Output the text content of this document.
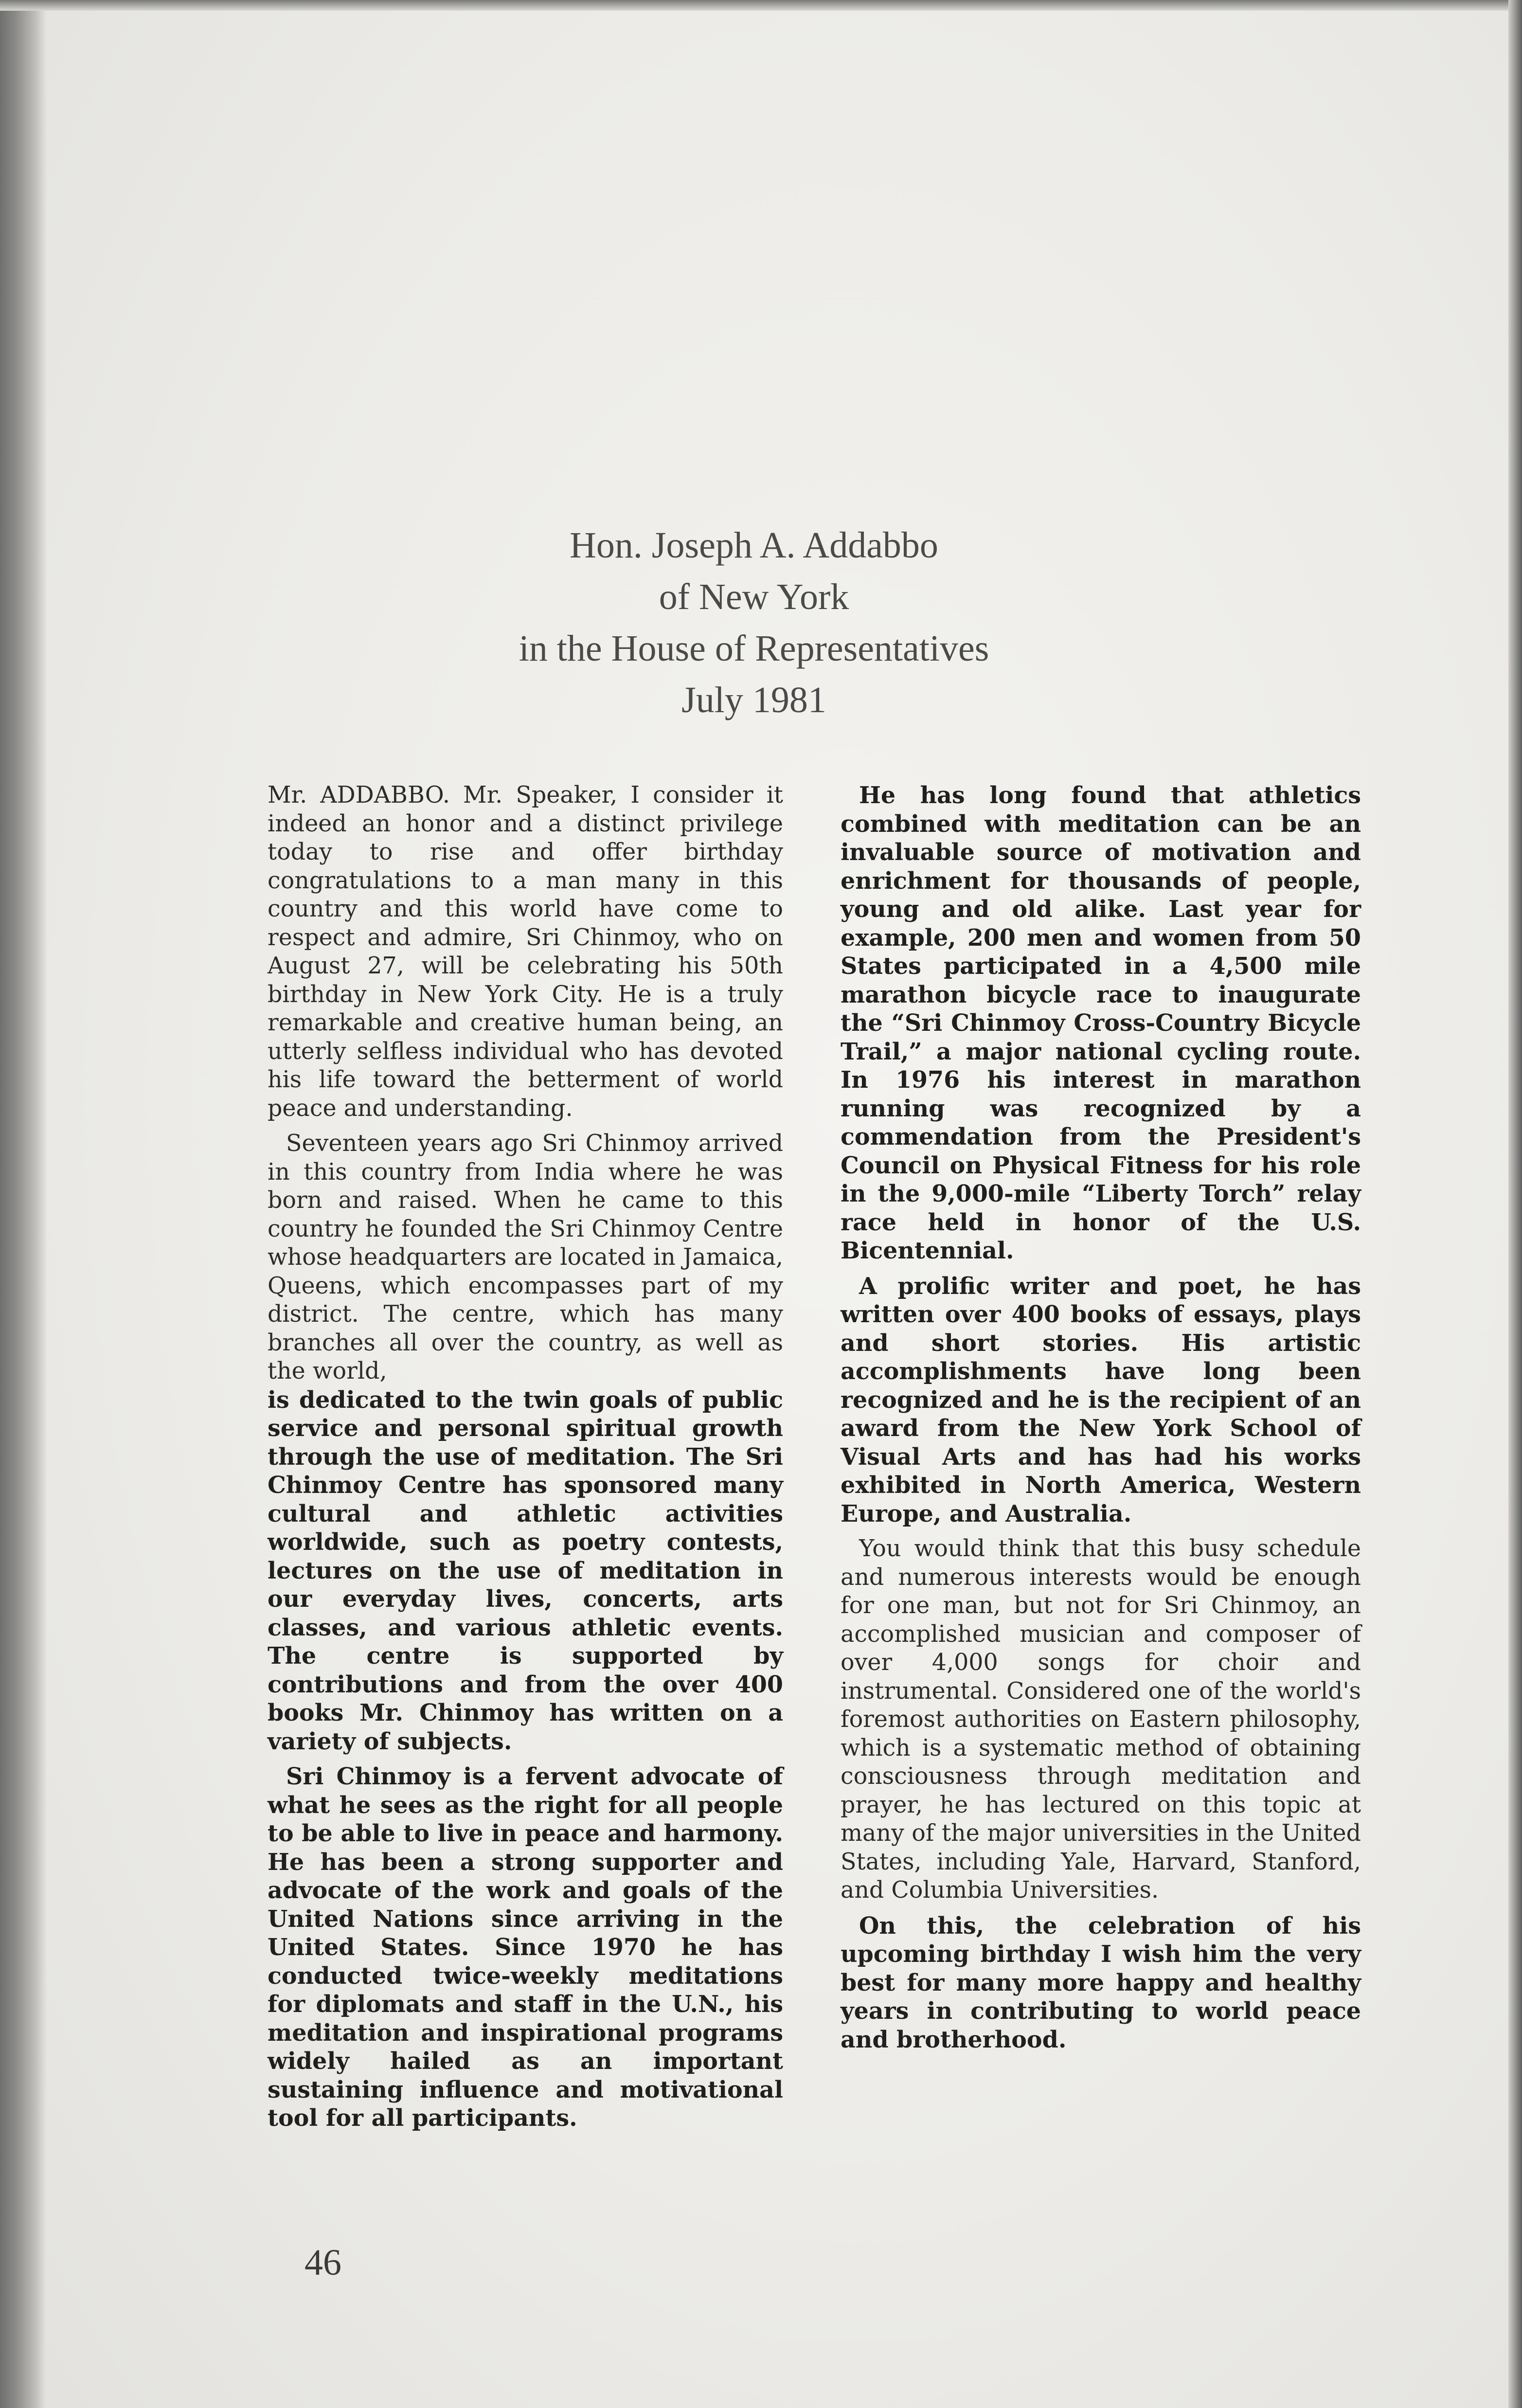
Hon. Joseph A. Addabbo
of New York
in the House of Representatives
July 1981

Mr. ADDABBO. Mr. Speaker, I consider it indeed an honor and a distinct privilege today to rise and offer birthday congratulations to a man many in this country and this world have come to respect and admire, Sri Chinmoy, who on August 27, will be celebrating his 50th birthday in New York City. He is a truly remarkable and creative human being, an utterly selfless individual who has devoted his life toward the betterment of world peace and understanding.

Seventeen years ago Sri Chinmoy arrived in this country from India where he was born and raised. When he came to this country he founded the Sri Chinmoy Centre whose headquarters are located in Jamaica, Queens, which encompasses part of my district. The centre, which has many branches all over the country, as well as the world,

is dedicated to the twin goals of public service and personal spiritual growth through the use of meditation. The Sri Chinmoy Centre has sponsored many cultural and athletic activities worldwide, such as poetry contests, lectures on the use of meditation in our everyday lives, concerts, arts classes, and various athletic events. The centre is supported by contributions and from the over 400 books Mr. Chinmoy has written on a variety of subjects.

Sri Chinmoy is a fervent advocate of what he sees as the right for all people to be able to live in peace and harmony. He has been a strong supporter and advocate of the work and goals of the United Nations since arriving in the United States. Since 1970 he has conducted twice-weekly meditations for diplomats and staff in the U.N., his meditation and inspirational programs widely hailed as an important sustaining influence and motivational tool for all participants.

He has long found that athletics combined with meditation can be an invaluable source of motivation and enrichment for thousands of people, young and old alike. Last year for example, 200 men and women from 50 States participated in a 4,500 mile marathon bicycle race to inaugurate the “Sri Chinmoy Cross-Country Bicycle Trail,” a major national cycling route. In 1976 his interest in marathon running was recognized by a commendation from the President's Council on Physical Fitness for his role in the 9,000-mile “Liberty Torch” relay race held in honor of the U.S. Bicentennial.

A prolific writer and poet, he has written over 400 books of essays, plays and short stories. His artistic accomplishments have long been recognized and he is the recipient of an award from the New York School of Visual Arts and has had his works exhibited in North America, Western Europe, and Australia.

You would think that this busy schedule and numerous interests would be enough for one man, but not for Sri Chinmoy, an accomplished musician and composer of over 4,000 songs for choir and instrumental. Considered one of the world's foremost authorities on Eastern philosophy, which is a systematic method of obtaining consciousness through meditation and prayer, he has lectured on this topic at many of the major universities in the United States, including Yale, Harvard, Stanford, and Columbia Universities.

On this, the celebration of his upcoming birthday I wish him the very best for many more happy and healthy years in contributing to world peace and brotherhood.

46
